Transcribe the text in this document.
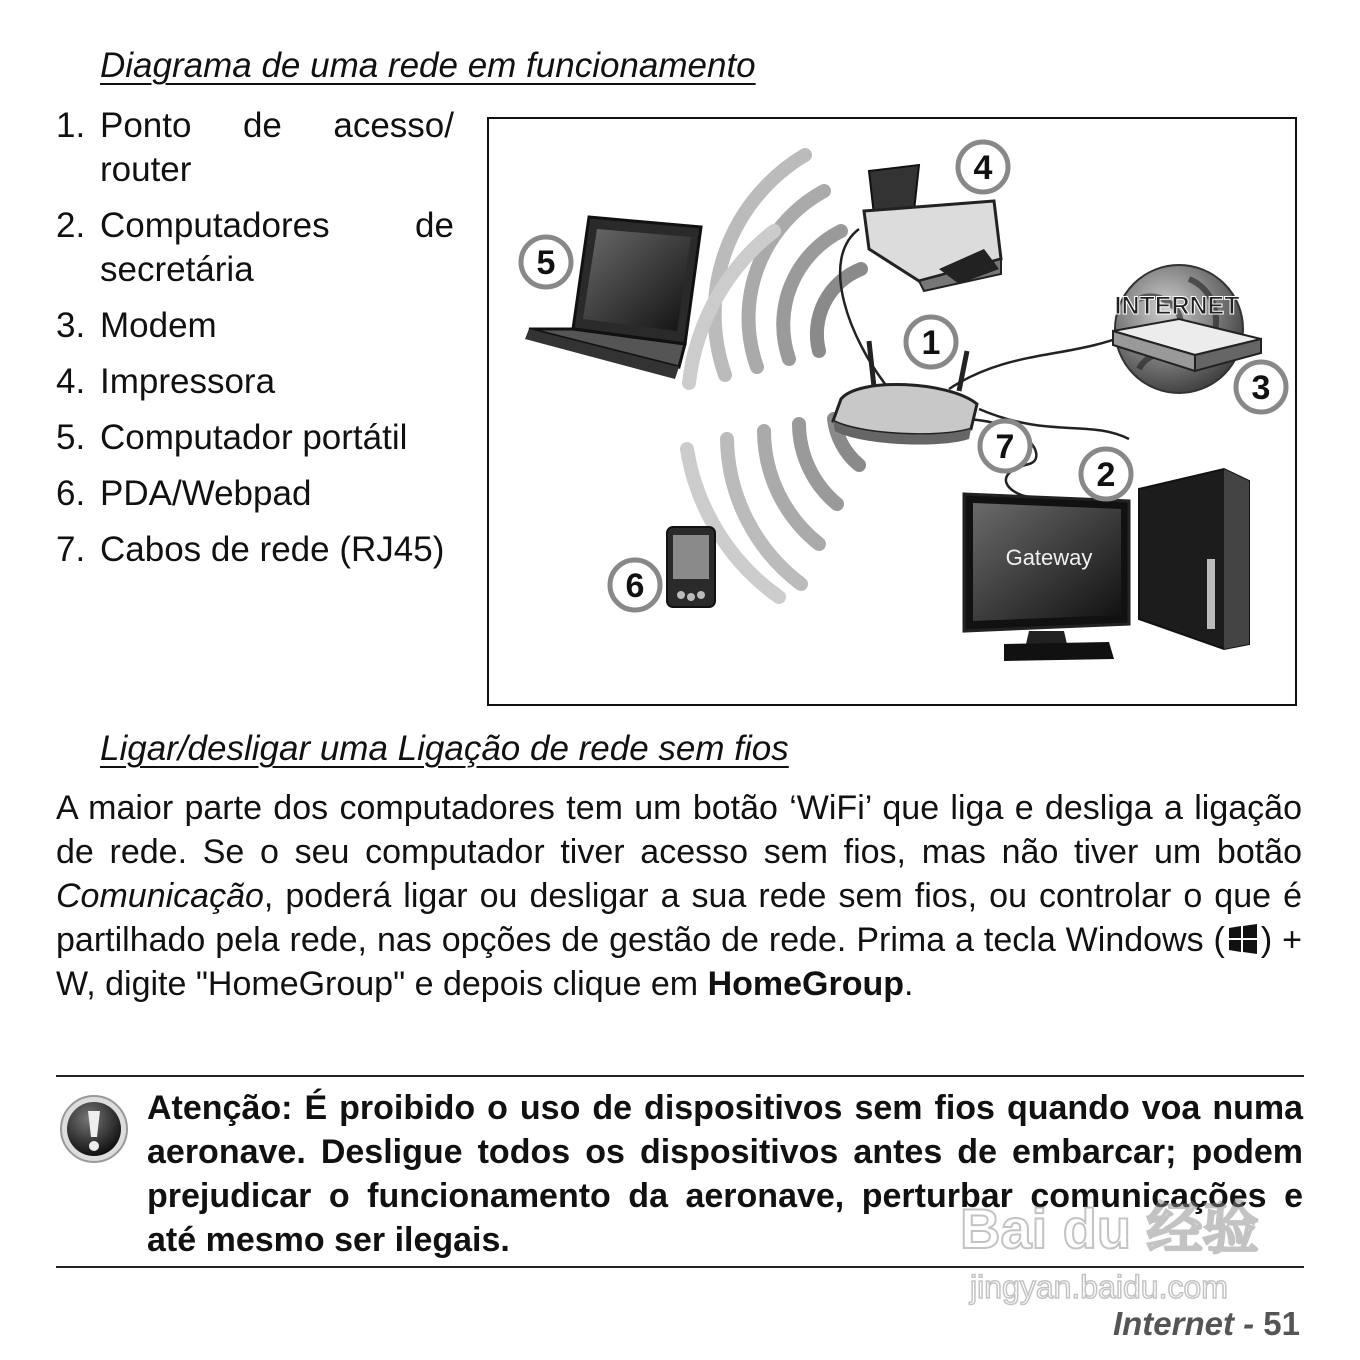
Diagrama de uma rede em funcionamento
1. Ponto de acesso/ router
2. Computadores de secretária
3. Modem
4. Impressora
5. Computador portátil
6. PDA/Webpad
7. Cabos de rede (RJ45)
INTERNET
Gateway
1
2
3
4
5
6
7
Ligar/desligar uma Ligação de rede sem fios

A maior parte dos computadores tem um botão ‘WiFi’ que liga e desliga a ligação de rede. Se o seu computador tiver acesso sem fios, mas não tiver um botão Comunicação, poderá ligar ou desligar a sua rede sem fios, ou controlar o que é partilhado pela rede, nas opções de gestão de rede. Prima a tecla Windows ( ) + W, digite "HomeGroup" e depois clique em HomeGroup.

Atenção: É proibido o uso de dispositivos sem fios quando voa numa aeronave. Desligue todos os dispositivos antes de embarcar; podem prejudicar o funcionamento da aeronave, perturbar comunicações e até mesmo ser ilegais.	Bai du 经验
jingyan.baidu.com
Internet - 51
